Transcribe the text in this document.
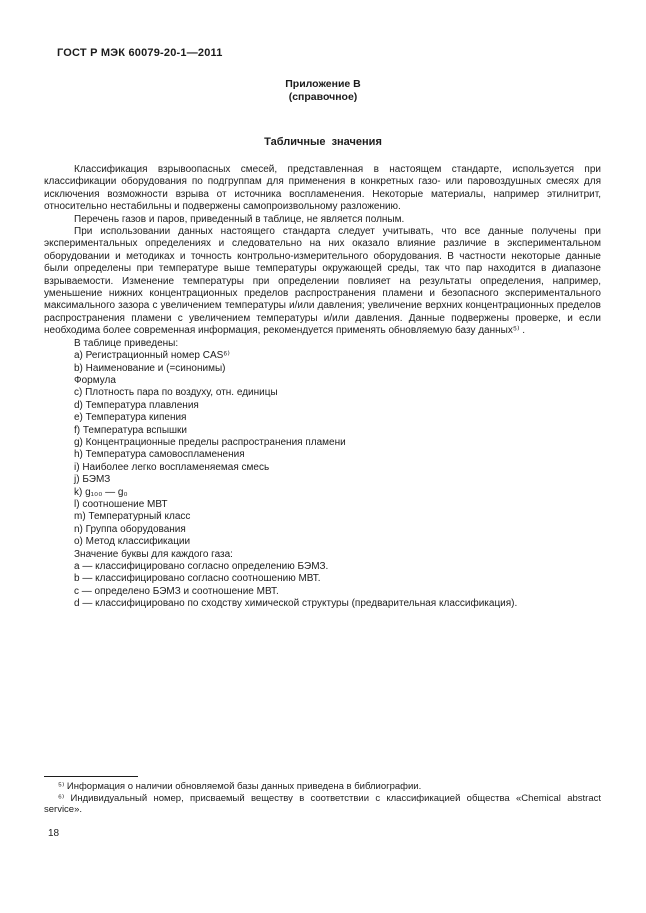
ГОСТ Р МЭК 60079-20-1—2011
Приложение В
(справочное)
Табличные значения

Классификация взрывоопасных смесей, представленная в настоящем стандарте, используется при классификации оборудования по подгруппам для применения в конкретных газо- или паровоздушных смесях для исключения возможности взрыва от источника воспламенения. Некоторые материалы, например этилнитрит, относительно нестабильны и подвержены самопроизвольному разложению.

Перечень газов и паров, приведенный в таблице, не является полным.

При использовании данных настоящего стандарта следует учитывать, что все данные получены при экспериментальных определениях и следовательно на них оказало влияние различие в экспериментальном оборудовании и методиках и точность контрольно-измерительного оборудования. В частности некоторые данные были определены при температуре выше температуры окружающей среды, так что пар находится в диапазоне взрываемости. Изменение температуры при определении повлияет на результаты определения, например, уменьшение нижних концентрационных пределов распространения пламени и безопасного экспериментального максимального зазора с увеличением температуры и/или давления; увеличение верхних концентрационных пределов распространения пламени с увеличением температуры и/или давления. Данные подвержены проверке, и если необходима более современная информация, рекомендуется применять обновляемую базу данных⁵⁾ .

В таблице приведены:
a) Регистрационный номер CAS⁶⁾
b) Наименование и (=синонимы)
Формула
c) Плотность пара по воздуху, отн. единицы
d) Температура плавления
e) Температура кипения
f) Температура вспышки
g) Концентрационные пределы распространения пламени
h) Температура самовоспламенения
i) Наиболее легко воспламеняемая смесь
j) БЭМЗ
k) g₁₀₀ — g₀
l) соотношение МВТ
m) Температурный класс
n) Группа оборудования
o) Метод классификации
Значение буквы для каждого газа:
a — классифицировано согласно определению БЭМЗ.
b — классифицировано согласно соотношению МВТ.
c — определено БЭМЗ и соотношение МВТ.
d — классифицировано по сходству химической структуры (предварительная классификация).

⁵⁾ Информация о наличии обновляемой базы данных приведена в библиографии.

⁶⁾ Индивидуальный номер, присваемый веществу в соответствии с классификацией общества «Chemical abstract service».

18
